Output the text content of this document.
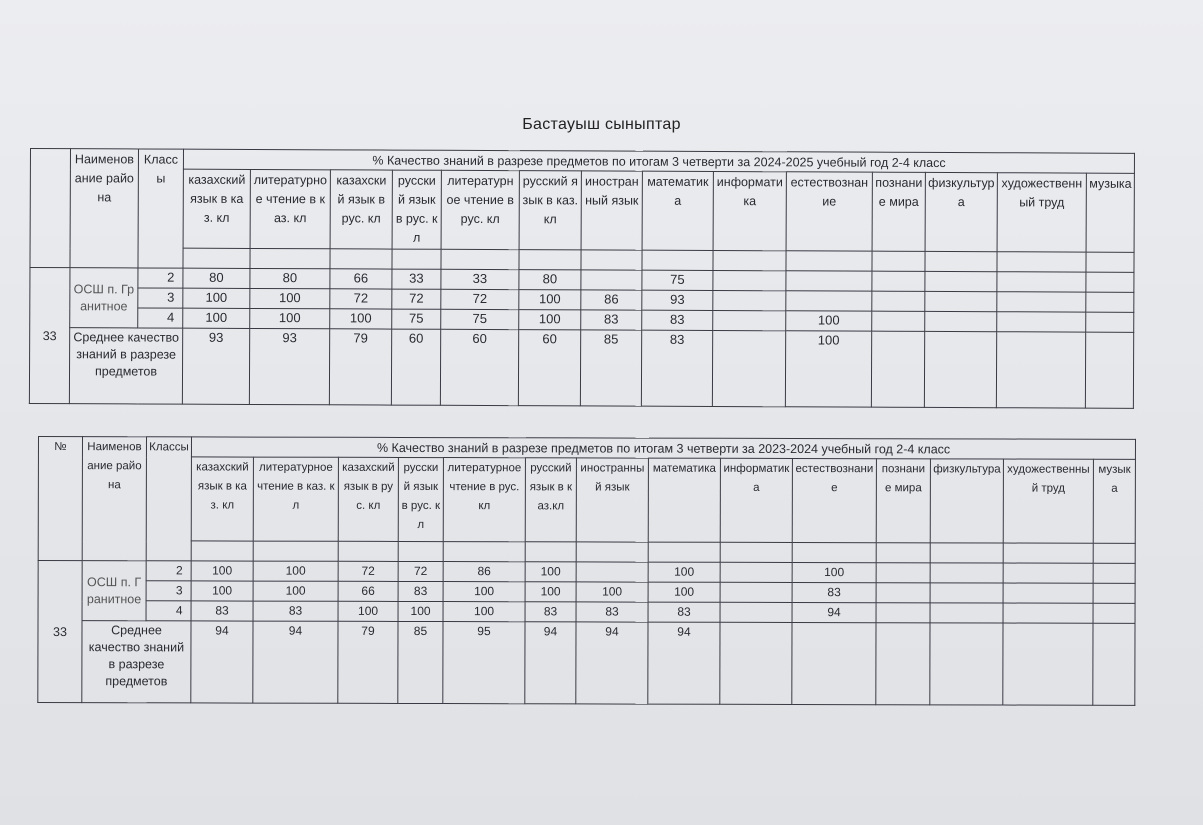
Бастауыш сыныптар
	Наименование района	Классы	% Качество знаний в разрезе предметов по итогам 3 четверти за 2024-2025 учебный год 2-4 класс													
			казахский язык в каз. кл	литературное чтение в каз. кл	казахский язык в рус. кл	русский язык в рус. кл	литературное чтение в рус. кл	русский язык в каз.кл	иностранный язык	математика	информатика	естествознание	познание мира	физкультура	художественный труд	музыка

33	ОСШ п. Гранитное	2	80	80	66	33	33	80		75						
		3	100	100	72	72	72	100	86	93						
		4	100	100	100	75	75	100	83	83		100				
	Среднее качество знаний в разрезе предметов		93	93	79	60	60	60	85	83		100				
№	Наименование района	Классы	% Качество знаний в разрезе предметов по итогам 3 четверти за 2023-2024 учебный год 2-4 класс													
			казахский язык в каз. кл	литературное чтение в каз. кл	казахский язык в рус. кл	русский язык в рус. кл	литературное чтение в рус. кл	русский язык в каз.кл	иностранный язык	математика	информатика	естествознание	познание мира	физкультура	художественный труд	музыка

33	ОСШ п. Гранитное	2	100	100	72	72	86	100		100		100				
		3	100	100	66	83	100	100	100	100		83				
		4	83	83	100	100	100	83	83	83		94				
	Среднее качество знаний в разрезе предметов		94	94	79	85	95	94	94	94						
